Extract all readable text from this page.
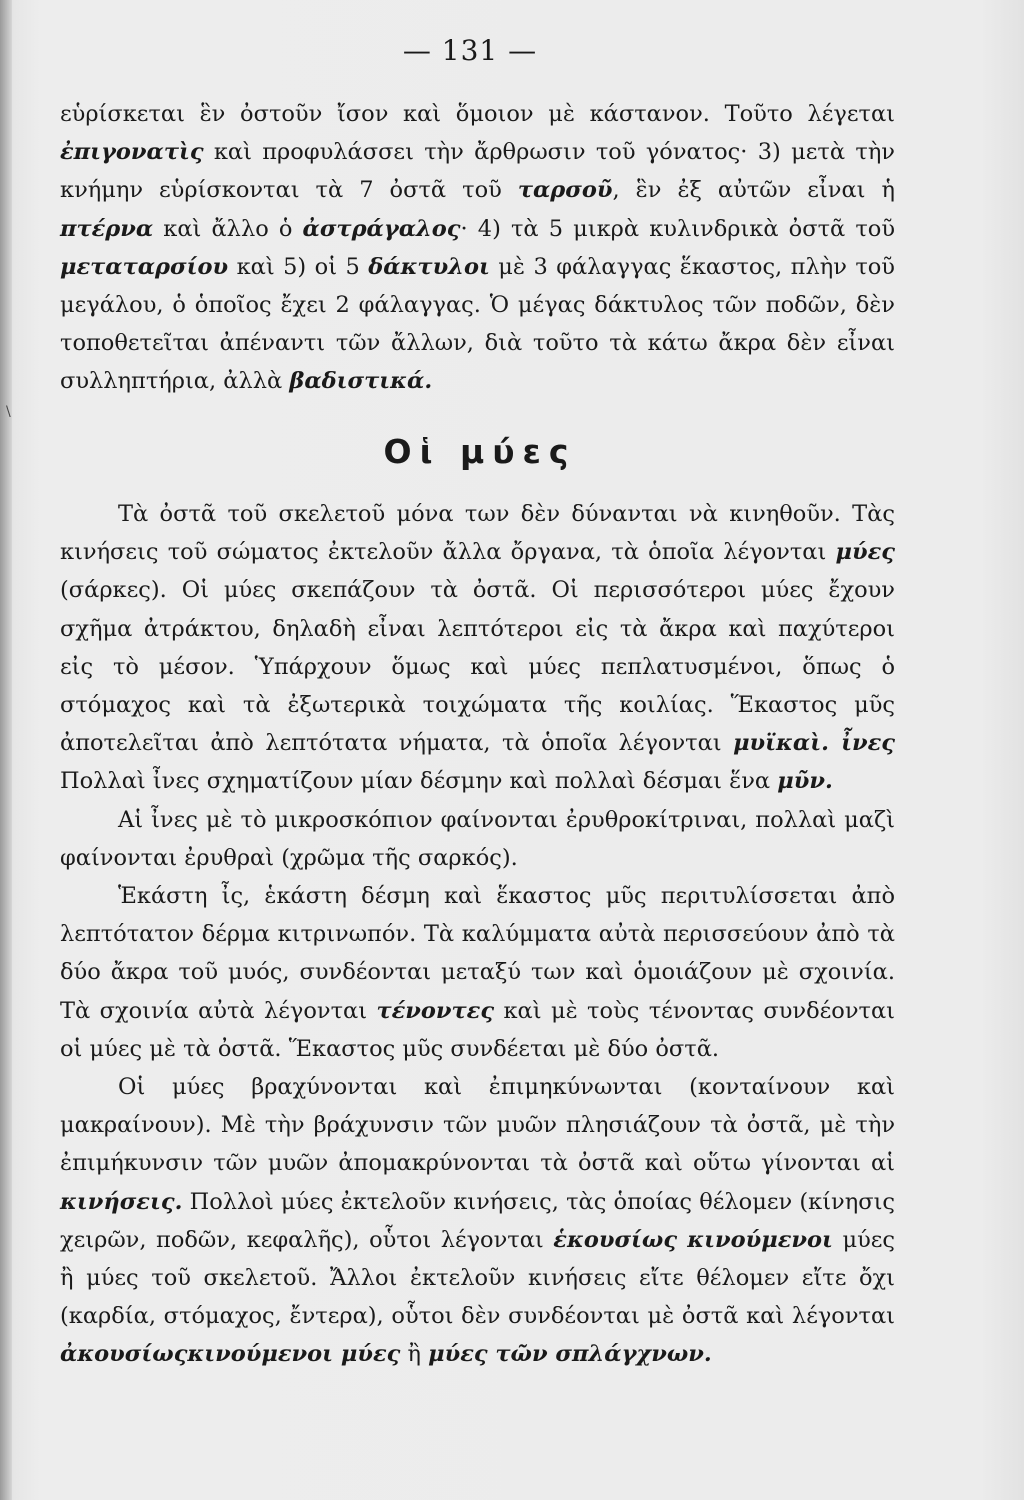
— 131 —
\

εὑρίσκεται ἓν ὀστοῦν ἴσον καὶ ὅμοιον μὲ κάστανον. Τοῦτο λέγεται ἐπιγονατὶς καὶ προφυλάσσει τὴν ἄρθρωσιν τοῦ γόνατος· 3) μετὰ τὴν κνήμην εὑρίσκονται τὰ 7 ὀστᾶ τοῦ ταρσοῦ, ἓν ἐξ αὐτῶν εἶναι ἡ πτέρνα καὶ ἄλλο ὁ ἀστράγαλος· 4) τὰ 5 μικρὰ κυλινδρικὰ ὀστᾶ τοῦ μεταταρσίου καὶ 5) οἱ 5 δάκτυλοι μὲ 3 φάλαγγας ἕκαστος, πλὴν τοῦ μεγάλου, ὁ ὁποῖος ἔχει 2 φάλαγγας. Ὁ μέγας δάκτυλος τῶν ποδῶν, δὲν τοποθετεῖται ἀπέναντι τῶν ἄλλων, διὰ τοῦτο τὰ κάτω ἄκρα δὲν εἶναι συλληπτήρια, ἀλλὰ βαδιστικά.

Οἱ μύες

Τὰ ὀστᾶ τοῦ σκελετοῦ μόνα των δὲν δύνανται νὰ κινηθοῦν. Τὰς κινήσεις τοῦ σώματος ἐκτελοῦν ἄλλα ὄργανα, τὰ ὁποῖα λέγονται μύες (σάρκες). Οἱ μύες σκεπάζουν τὰ ὀστᾶ. Οἱ περισσότεροι μύες ἔχουν σχῆμα ἀτράκτου, δηλαδὴ εἶναι λεπτότεροι εἰς τὰ ἄκρα καὶ παχύτεροι εἰς τὸ μέσον. Ὑπάρχουν ὅμως καὶ μύες πεπλατυσμένοι, ὅπως ὁ στόμαχος καὶ τὰ ἐξωτερικὰ τοιχώματα τῆς κοιλίας. Ἕκαστος μῦς ἀποτελεῖται ἀπὸ λεπτότατα νήματα, τὰ ὁποῖα λέγονται μυϊκαὶ. ἶνες Πολλαὶ ἶνες σχηματίζουν μίαν δέσμην καὶ πολλαὶ δέσμαι ἕνα μῦν.

Αἱ ἶνες μὲ τὸ μικροσκόπιον φαίνονται ἐρυθροκίτριναι, πολλαὶ μαζὶ φαίνονται ἐρυθραὶ (χρῶμα τῆς σαρκός).

Ἑκάστη ἶς, ἑκάστη δέσμη καὶ ἕκαστος μῦς περιτυλίσσεται ἀπὸ λεπτότατον δέρμα κιτρινωπόν. Τὰ καλύμματα αὐτὰ περισσεύουν ἀπὸ τὰ δύο ἄκρα τοῦ μυός, συνδέονται μεταξύ των καὶ ὁμοιάζουν μὲ σχοινία. Τὰ σχοινία αὐτὰ λέγονται τένοντες καὶ μὲ τοὺς τένοντας συνδέονται οἱ μύες μὲ τὰ ὀστᾶ. Ἕκαστος μῦς συνδέεται μὲ δύο ὀστᾶ.

Οἱ μύες βραχύνονται καὶ ἐπιμηκύνωνται (κονταίνουν καὶ μακραίνουν). Μὲ τὴν βράχυνσιν τῶν μυῶν πλησιάζουν τὰ ὀστᾶ, μὲ τὴν ἐπιμήκυνσιν τῶν μυῶν ἀπομακρύνονται τὰ ὀστᾶ καὶ οὕτω γίνονται αἱ κινήσεις. Πολλοὶ μύες ἐκτελοῦν κινήσεις, τὰς ὁποίας θέλομεν (κίνησις χειρῶν, ποδῶν, κεφαλῆς), οὗτοι λέγονται ἑκουσίως κινούμενοι μύες ἢ μύες τοῦ σκελετοῦ. Ἄλλοι ἐκτελοῦν κινήσεις εἴτε θέλομεν εἴτε ὄχι (καρδία, στόμαχος, ἔντερα), οὗτοι δὲν συνδέονται μὲ ὀστᾶ καὶ λέγονται ἀκουσίωςκινούμενοι μύες ἢ μύες τῶν σπλάγχνων.
